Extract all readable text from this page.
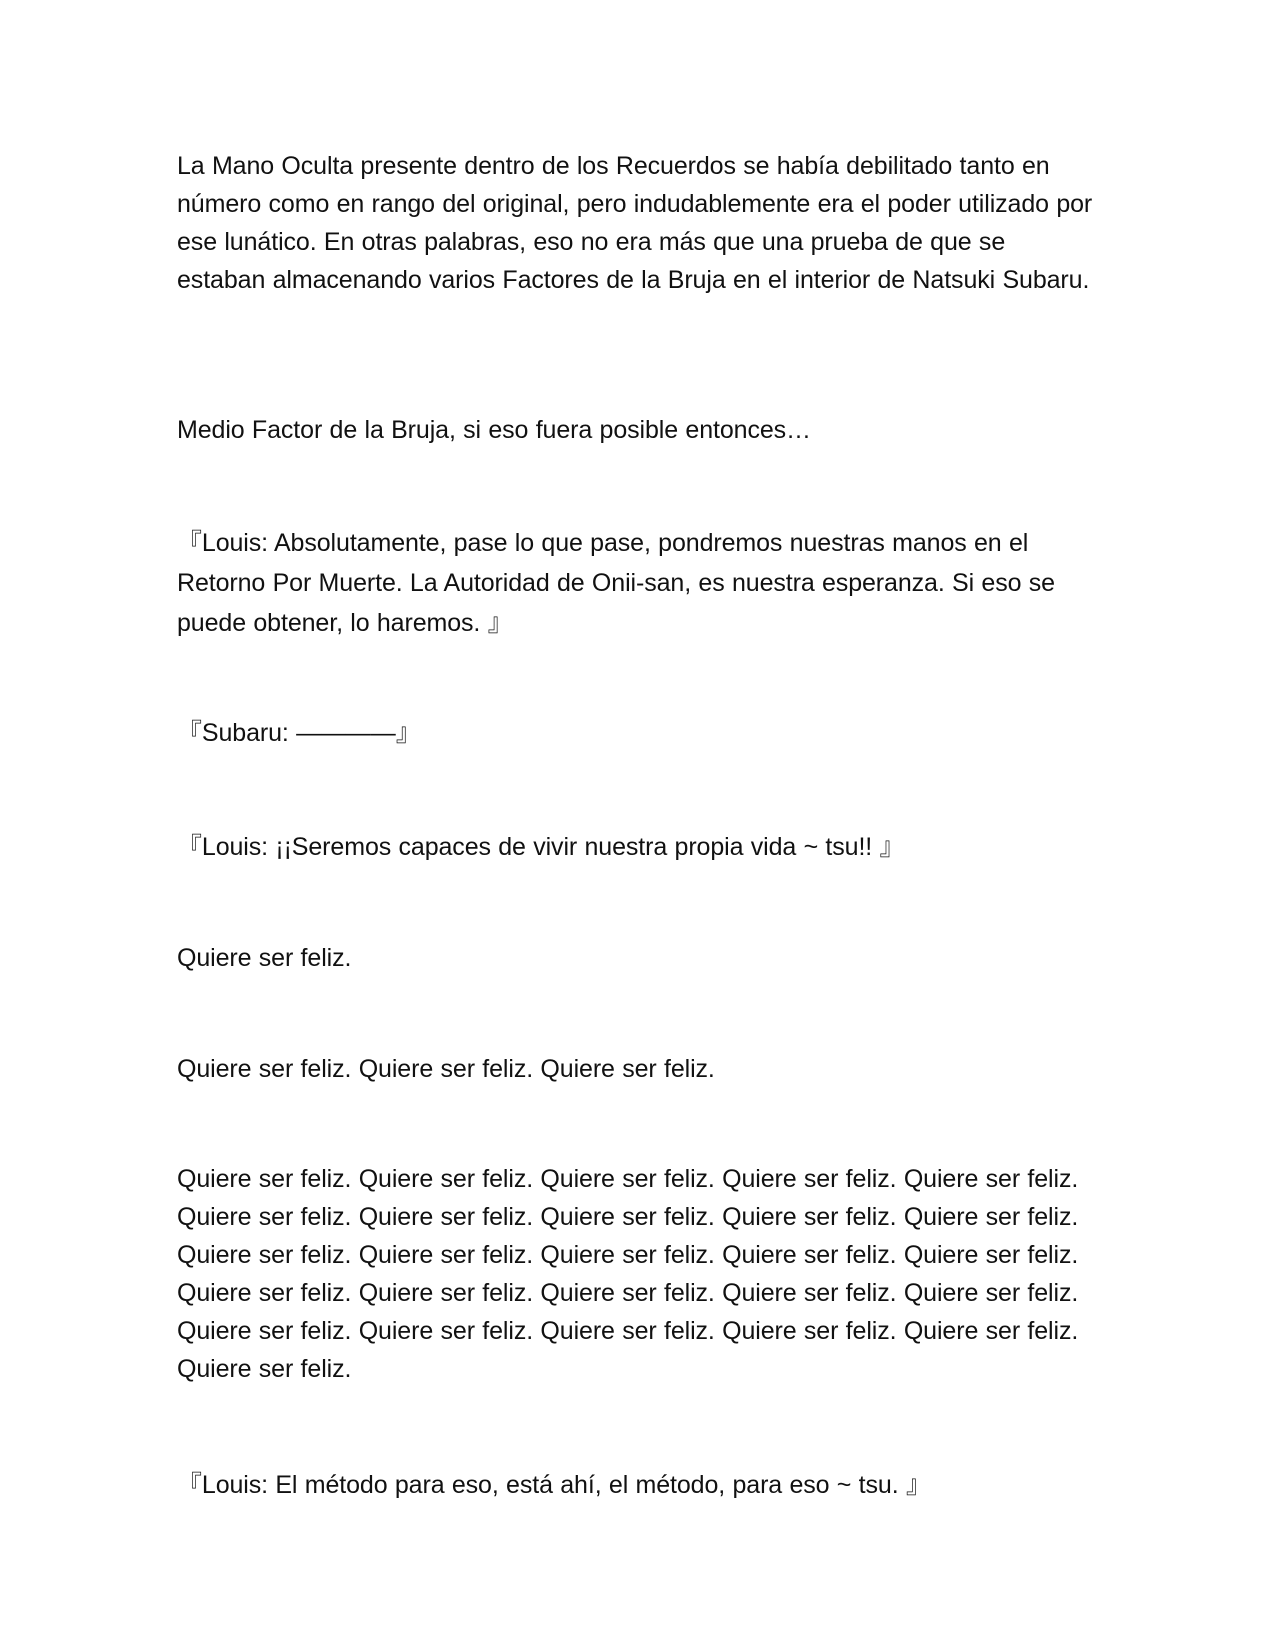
La Mano Oculta presente dentro de los Recuerdos se había debilitado tanto en número como en rango del original, pero indudablemente era el poder utilizado por ese lunático. En otras palabras, eso no era más que una prueba de que se estaban almacenando varios Factores de la Bruja en el interior de Natsuki Subaru.

Medio Factor de la Bruja, si eso fuera posible entonces…

『Louis: Absolutamente, pase lo que pase, pondremos nuestras manos en el Retorno Por Muerte. La Autoridad de Onii-san, es nuestra esperanza. Si eso se puede obtener, lo haremos. 』

『Subaru: ————』

『Louis: ¡¡Seremos capaces de vivir nuestra propia vida ~ tsu!! 』

Quiere ser feliz.

Quiere ser feliz. Quiere ser feliz. Quiere ser feliz.

Quiere ser feliz. Quiere ser feliz. Quiere ser feliz. Quiere ser feliz. Quiere ser feliz. Quiere ser feliz. Quiere ser feliz. Quiere ser feliz. Quiere ser feliz. Quiere ser feliz. Quiere ser feliz. Quiere ser feliz. Quiere ser feliz. Quiere ser feliz. Quiere ser feliz. Quiere ser feliz. Quiere ser feliz. Quiere ser feliz. Quiere ser feliz. Quiere ser feliz. Quiere ser feliz. Quiere ser feliz. Quiere ser feliz. Quiere ser feliz. Quiere ser feliz. Quiere ser feliz.

『Louis: El método para eso, está ahí, el método, para eso ~ tsu. 』
